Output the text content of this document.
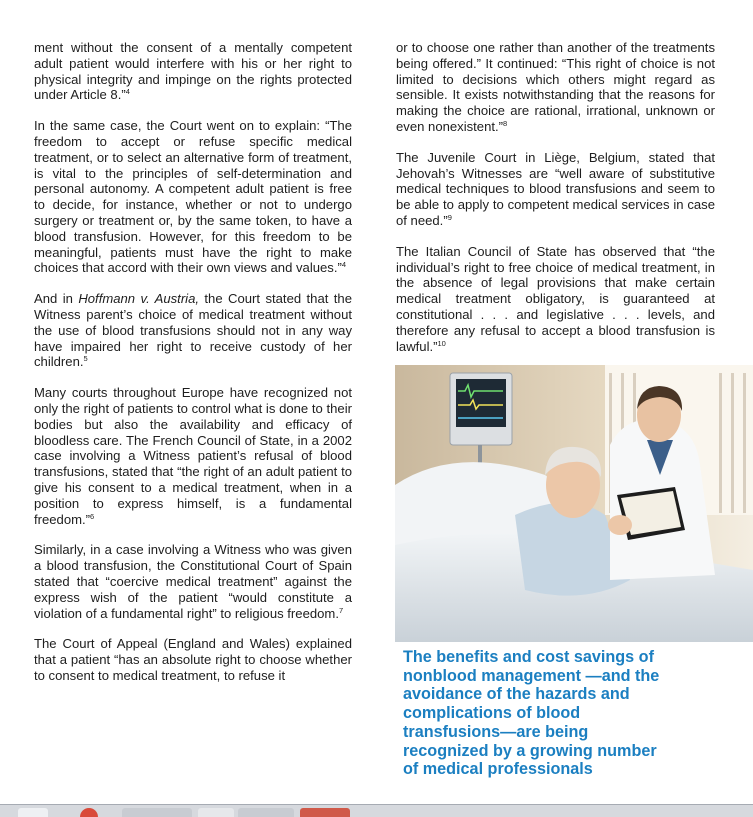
ment without the consent of a mentally competent adult patient would interfere with his or her right to physical integrity and impinge on the rights protected under Article 8.”$^4$

In the same case, the Court went on to explain: “The freedom to accept or refuse specific medical treatment, or to select an alternative form of treatment, is vital to the principles of self-determination and personal autonomy. A competent adult patient is free to decide, for instance, whether or not to undergo surgery or treatment or, by the same token, to have a blood transfusion. However, for this freedom to be meaningful, patients must have the right to make choices that accord with their own views and values.”$^4$

And in Hoffmann v. Austria, the Court stated that the Witness parent’s choice of medical treatment without the use of blood transfusions should not in any way have impaired her right to receive custody of her children.$^5$

Many courts throughout Europe have recognized not only the right of patients to control what is done to their bodies but also the availability and efficacy of bloodless care. The French Council of State, in a 2002 case involving a Witness patient’s refusal of blood transfusions, stated that “the right of an adult patient to give his consent to a medical treatment, when in a position to express himself, is a fundamental freedom.”$^6$

Similarly, in a case involving a Witness who was given a blood transfusion, the Constitutional Court of Spain stated that “coercive medical treatment” against the express wish of the patient “would constitute a violation of a fundamental right” to religious freedom.$^7$

The Court of Appeal (England and Wales) explained that a patient “has an absolute right to choose whether to consent to medical treatment, to refuse it

or to choose one rather than another of the treatments being offered.” It continued: “This right of choice is not limited to decisions which others might regard as sensible. It exists notwithstanding that the reasons for making the choice are rational, irrational, unknown or even nonexistent.”$^8$

The Juvenile Court in Liège, Belgium, stated that Jehovah’s Witnesses are “well aware of substitutive medical techniques to blood transfusions and seem to be able to apply to competent medical services in case of need.”$^9$

The Italian Council of State has observed that “the individual’s right to free choice of medical treatment, in the absence of legal provisions that make certain medical treatment obligatory, is guaranteed at constitutional . . . and legislative . . . levels, and therefore any refusal to accept a blood transfusion is lawful.”$^{10}$

The benefits and cost savings of nonblood management —and the avoidance of the hazards and complications of blood transfusions—are being recognized by a growing number of medical professionals
